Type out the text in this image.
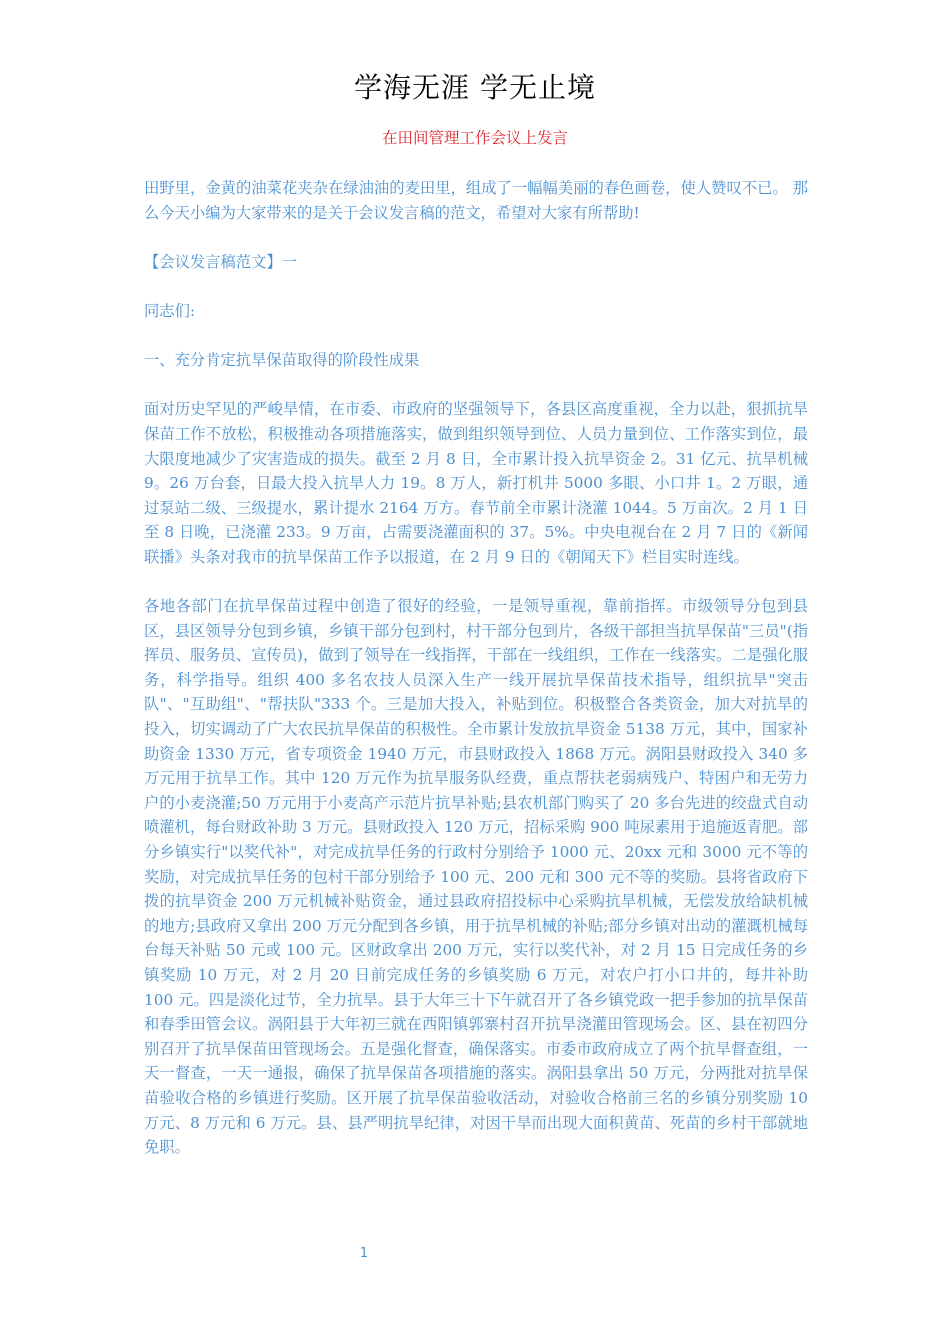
学海无涯 学无止境
在田间管理工作会议上发言

田野里，金黄的油菜花夹杂在绿油油的麦田里，组成了一幅幅美丽的春色画卷，使人赞叹不已。 那么今天小编为大家带来的是关于会议发言稿的范文，希望对大家有所帮助!

【会议发言稿范文】一

同志们:

一、充分肯定抗旱保苗取得的阶段性成果

面对历史罕见的严峻旱情，在市委、市政府的坚强领导下，各县区高度重视，全力以赴，狠抓抗旱保苗工作不放松，积极推动各项措施落实，做到组织领导到位、人员力量到位、工作落实到位，最大限度地减少了灾害造成的损失。截至 2 月 8 日，全市累计投入抗旱资金 2。31 亿元、抗旱机械 9。26 万台套，日最大投入抗旱人力 19。8 万人，新打机井 5000 多眼、小口井 1。2 万眼，通过泵站二级、三级提水，累计提水 2164 万方。春节前全市累计浇灌 1044。5 万亩次。2 月 1 日至 8 日晚，已浇灌 233。9 万亩，占需要浇灌面积的 37。5%。中央电视台在 2 月 7 日的《新闻联播》头条对我市的抗旱保苗工作予以报道，在 2 月 9 日的《朝闻天下》栏目实时连线。

各地各部门在抗旱保苗过程中创造了很好的经验，一是领导重视，靠前指挥。市级领导分包到县区，县区领导分包到乡镇，乡镇干部分包到村，村干部分包到片，各级干部担当抗旱保苗"三员"(指挥员、服务员、宣传员)，做到了领导在一线指挥，干部在一线组织，工作在一线落实。二是强化服务，科学指导。组织 400 多名农技人员深入生产一线开展抗旱保苗技术指导，组织抗旱"突击队"、"互助组"、"帮扶队"333 个。三是加大投入，补贴到位。积极整合各类资金，加大对抗旱的投入，切实调动了广大农民抗旱保苗的积极性。全市累计发放抗旱资金 5138 万元，其中，国家补助资金 1330 万元，省专项资金 1940 万元，市县财政投入 1868 万元。涡阳县财政投入 340 多万元用于抗旱工作。其中 120 万元作为抗旱服务队经费，重点帮扶老弱病残户、特困户和无劳力户的小麦浇灌;50 万元用于小麦高产示范片抗旱补贴;县农机部门购买了 20 多台先进的绞盘式自动喷灌机，每台财政补助 3 万元。县财政投入 120 万元，招标采购 900 吨尿素用于追施返青肥。部分乡镇实行"以奖代补"，对完成抗旱任务的行政村分别给予 1000 元、20xx 元和 3000 元不等的奖励，对完成抗旱任务的包村干部分别给予 100 元、200 元和 300 元不等的奖励。县将省政府下拨的抗旱资金 200 万元机械补贴资金，通过县政府招投标中心采购抗旱机械，无偿发放给缺机械的地方;县政府又拿出 200 万元分配到各乡镇，用于抗旱机械的补贴;部分乡镇对出动的灌溉机械每台每天补贴 50 元或 100 元。区财政拿出 200 万元，实行以奖代补，对 2 月 15 日完成任务的乡镇奖励 10 万元，对 2 月 20 日前完成任务的乡镇奖励 6 万元，对农户打小口井的，每井补助 100 元。四是淡化过节，全力抗旱。县于大年三十下午就召开了各乡镇党政一把手参加的抗旱保苗和春季田管会议。涡阳县于大年初三就在西阳镇郭寨村召开抗旱浇灌田管现场会。区、县在初四分别召开了抗旱保苗田管现场会。五是强化督查，确保落实。市委市政府成立了两个抗旱督查组，一天一督查，一天一通报，确保了抗旱保苗各项措施的落实。涡阳县拿出 50 万元，分两批对抗旱保苗验收合格的乡镇进行奖励。区开展了抗旱保苗验收活动，对验收合格前三名的乡镇分别奖励 10 万元、8 万元和 6 万元。县、县严明抗旱纪律，对因干旱而出现大面积黄苗、死苗的乡村干部就地免职。

1
